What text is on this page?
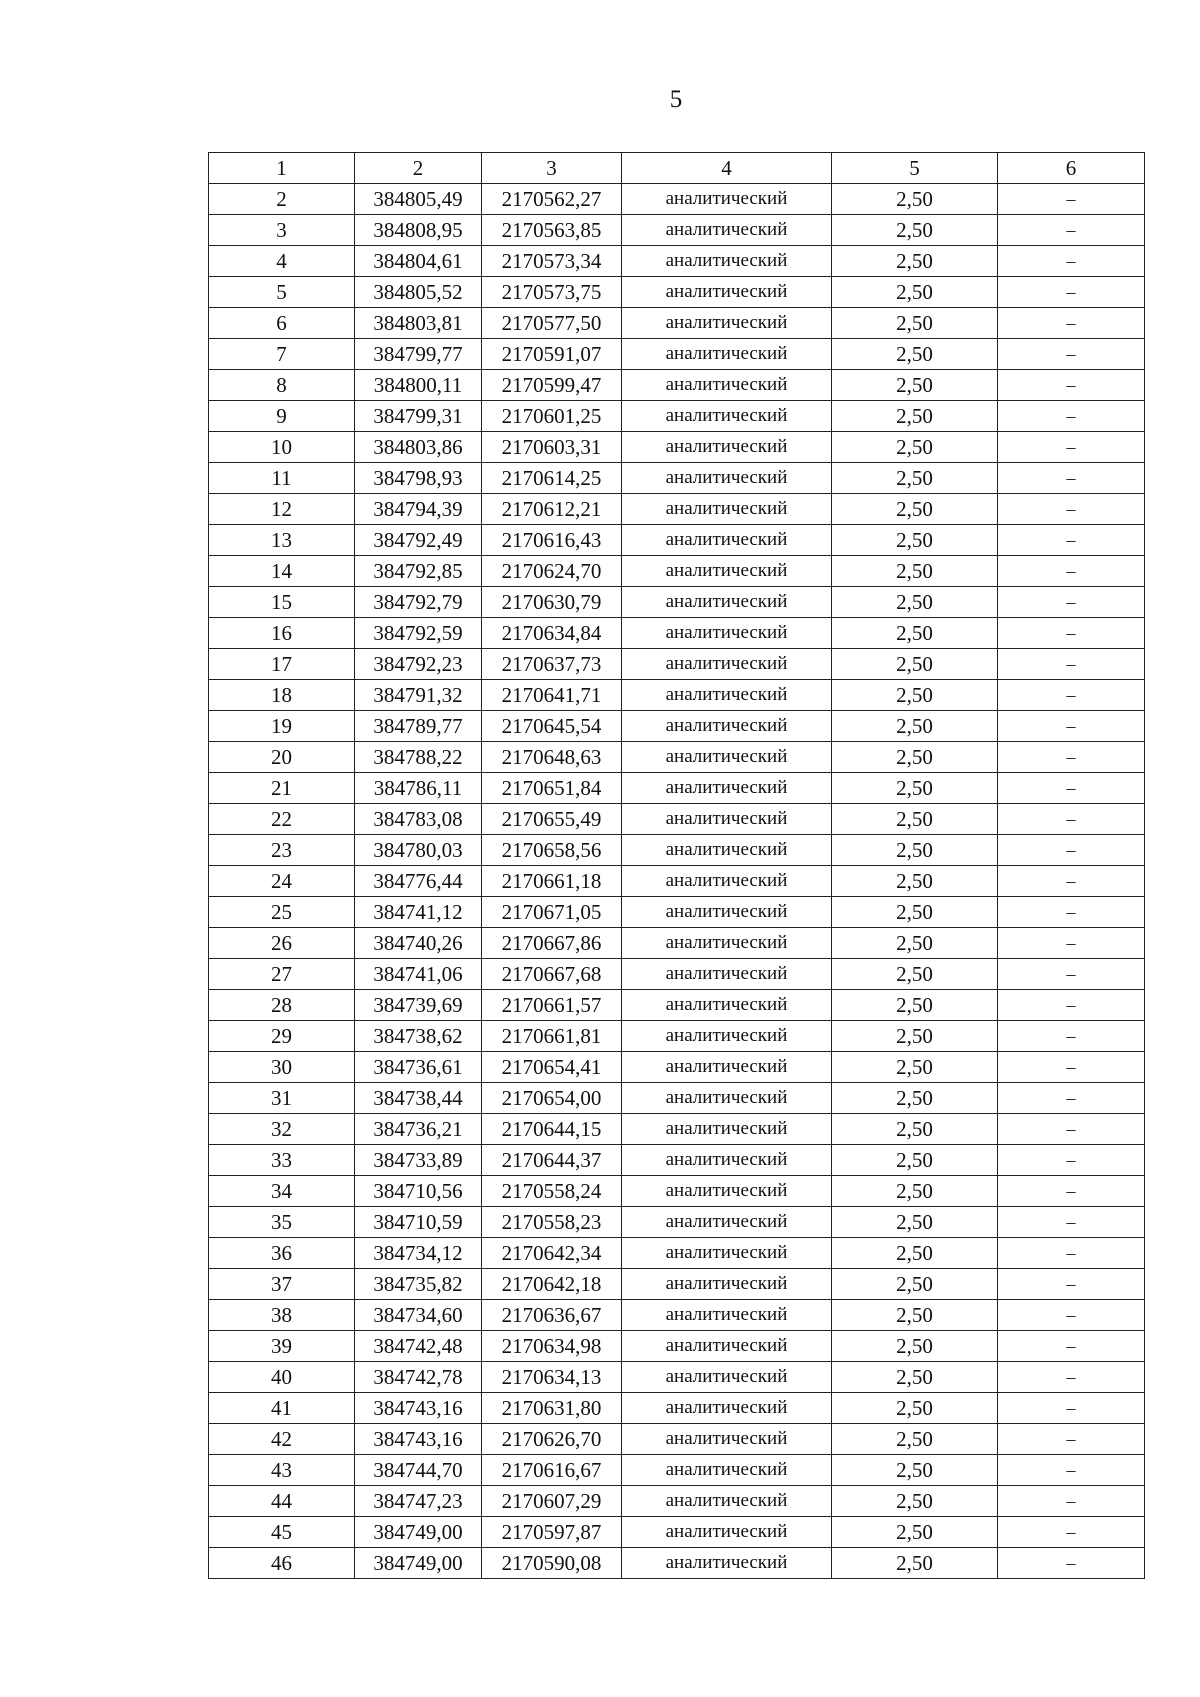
5
1	2	3	4	5	6
2	384805,49	2170562,27	аналитический	2,50	–
3	384808,95	2170563,85	аналитический	2,50	–
4	384804,61	2170573,34	аналитический	2,50	–
5	384805,52	2170573,75	аналитический	2,50	–
6	384803,81	2170577,50	аналитический	2,50	–
7	384799,77	2170591,07	аналитический	2,50	–
8	384800,11	2170599,47	аналитический	2,50	–
9	384799,31	2170601,25	аналитический	2,50	–
10	384803,86	2170603,31	аналитический	2,50	–
11	384798,93	2170614,25	аналитический	2,50	–
12	384794,39	2170612,21	аналитический	2,50	–
13	384792,49	2170616,43	аналитический	2,50	–
14	384792,85	2170624,70	аналитический	2,50	–
15	384792,79	2170630,79	аналитический	2,50	–
16	384792,59	2170634,84	аналитический	2,50	–
17	384792,23	2170637,73	аналитический	2,50	–
18	384791,32	2170641,71	аналитический	2,50	–
19	384789,77	2170645,54	аналитический	2,50	–
20	384788,22	2170648,63	аналитический	2,50	–
21	384786,11	2170651,84	аналитический	2,50	–
22	384783,08	2170655,49	аналитический	2,50	–
23	384780,03	2170658,56	аналитический	2,50	–
24	384776,44	2170661,18	аналитический	2,50	–
25	384741,12	2170671,05	аналитический	2,50	–
26	384740,26	2170667,86	аналитический	2,50	–
27	384741,06	2170667,68	аналитический	2,50	–
28	384739,69	2170661,57	аналитический	2,50	–
29	384738,62	2170661,81	аналитический	2,50	–
30	384736,61	2170654,41	аналитический	2,50	–
31	384738,44	2170654,00	аналитический	2,50	–
32	384736,21	2170644,15	аналитический	2,50	–
33	384733,89	2170644,37	аналитический	2,50	–
34	384710,56	2170558,24	аналитический	2,50	–
35	384710,59	2170558,23	аналитический	2,50	–
36	384734,12	2170642,34	аналитический	2,50	–
37	384735,82	2170642,18	аналитический	2,50	–
38	384734,60	2170636,67	аналитический	2,50	–
39	384742,48	2170634,98	аналитический	2,50	–
40	384742,78	2170634,13	аналитический	2,50	–
41	384743,16	2170631,80	аналитический	2,50	–
42	384743,16	2170626,70	аналитический	2,50	–
43	384744,70	2170616,67	аналитический	2,50	–
44	384747,23	2170607,29	аналитический	2,50	–
45	384749,00	2170597,87	аналитический	2,50	–
46	384749,00	2170590,08	аналитический	2,50	–
